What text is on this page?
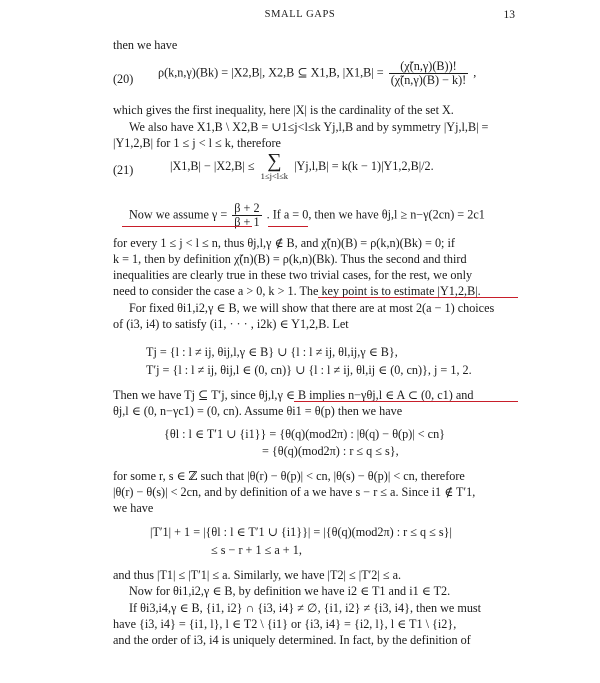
SMALL GAPS	13
then we have
(20) ρ(k,n,γ)(Bk) = |X2,B|, X2,B ⊆ X1,B, $|X1,B| = \frac{(\chĩ(n,\gamma)(B))!}{(\chĩ(n,\gamma)(B) - k)!}$ ,
which gives the first inequality, here |X| is the cardinality of the set X.
We also have X1,B \ X2,B = ∪1≤j<l≤k Yj,l,B and by symmetry |Yj,l,B| =
|Y1,2,B| for 1 ≤ j < l ≤ k, therefore
(21)	|X1,B| − |X2,B| ≤ ∑
1≤j<l≤k
|Yj,l,B| = k(k − 1)|Y1,2,B|/2.
Now we assume $\gamma = \frac{\beta + 2}{\beta + 1}$ . If a = 0, then we have θj,l ≥ n−γ(2cn) = 2c1
for every 1 ≤ j < l ≤ n, thus θj,l,γ ∉ B, and χ̃(n)(B) = ρ(k,n)(Bk) = 0; if
k = 1, then by definition χ̃(n)(B) = ρ(k,n)(Bk). Thus the second and third
inequalities are clearly true in these two trivial cases, for the rest, we only
need to consider the case a > 0, k > 1. The key point is to estimate |Y1,2,B|.
For fixed θi1,i2,γ ∈ B, we will show that there are at most 2(a − 1) choices
of (i3, i4) to satisfy (i1, · · · , i2k) ∈ Y1,2,B. Let
Tj = {l : l ≠ ij, θij,l,γ ∈ B} ∪ {l : l ≠ ij, θl,ij,γ ∈ B},
T′j = {l : l ≠ ij, θij,l ∈ (0, cn)} ∪ {l : l ≠ ij, θl,ij ∈ (0, cn)}, j = 1, 2.
Then we have Tj ⊆ T′j, since θj,l,γ ∈ B implies n−γθj,l ∈ A ⊂ (0, c1) and
θj,l ∈ (0, n−γc1) = (0, cn). Assume θi1 = θ(p) then we have
{θl : l ∈ T′1 ∪ {i1}} = {θ(q)(mod2π) : |θ(q) − θ(p)| < cn}
= {θ(q)(mod2π) : r ≤ q ≤ s},
for some r, s ∈ ℤ such that |θ(r) − θ(p)| < cn, |θ(s) − θ(p)| < cn, therefore
|θ(r) − θ(s)| < 2cn, and by definition of a we have s − r ≤ a. Since i1 ∉ T′1,
we have
|T′1| + 1 = |{θl : l ∈ T′1 ∪ {i1}}| = |{θ(q)(mod2π) : r ≤ q ≤ s}|
≤ s − r + 1 ≤ a + 1,
and thus |T1| ≤ |T′1| ≤ a. Similarly, we have |T2| ≤ |T′2| ≤ a.
Now for θi1,i2,γ ∈ B, by definition we have i2 ∈ T1 and i1 ∈ T2.
If θi3,i4,γ ∈ B, {i1, i2} ∩ {i3, i4} ≠ ∅, {i1, i2} ≠ {i3, i4}, then we must
have {i3, i4} = {i1, l}, l ∈ T2 \ {i1} or {i3, i4} = {i2, l}, l ∈ T1 \ {i2},
and the order of i3, i4 is uniquely determined. In fact, by the definition of
